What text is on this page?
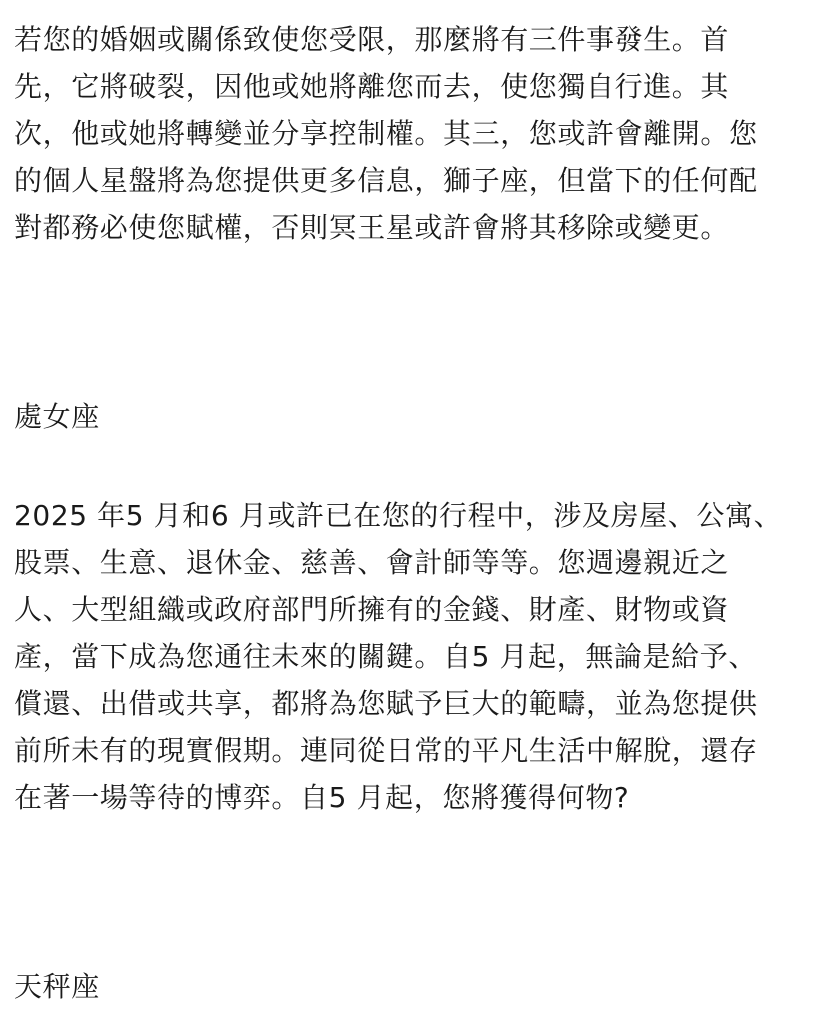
若您的婚姻或關係致使您受限，那麼將有三件事發生。首
先，它將破裂，因他或她將離您而去，使您獨自行進。其
次，他或她將轉變並分享控制權。其三，您或許會離開。您
的個人星盤將為您提供更多信息，獅子座，但當下的任何配
對都務必使您賦權，否則冥王星或許會將其移除或變更。

處女座

2025 年5 月和6 月或許已在您的行程中，涉及房屋、公寓、
股票、生意、退休金、慈善、會計師等等。您週邊親近之
人、大型組織或政府部門所擁有的金錢、財產、財物或資
產，當下成為您通往未來的關鍵。自5 月起，無論是給予、
償還、出借或共享，都將為您賦予巨大的範疇，並為您提供
前所未有的現實假期。連同從日常的平凡生活中解脫，還存
在著一場等待的博弈。自5 月起，您將獲得何物?

天秤座
